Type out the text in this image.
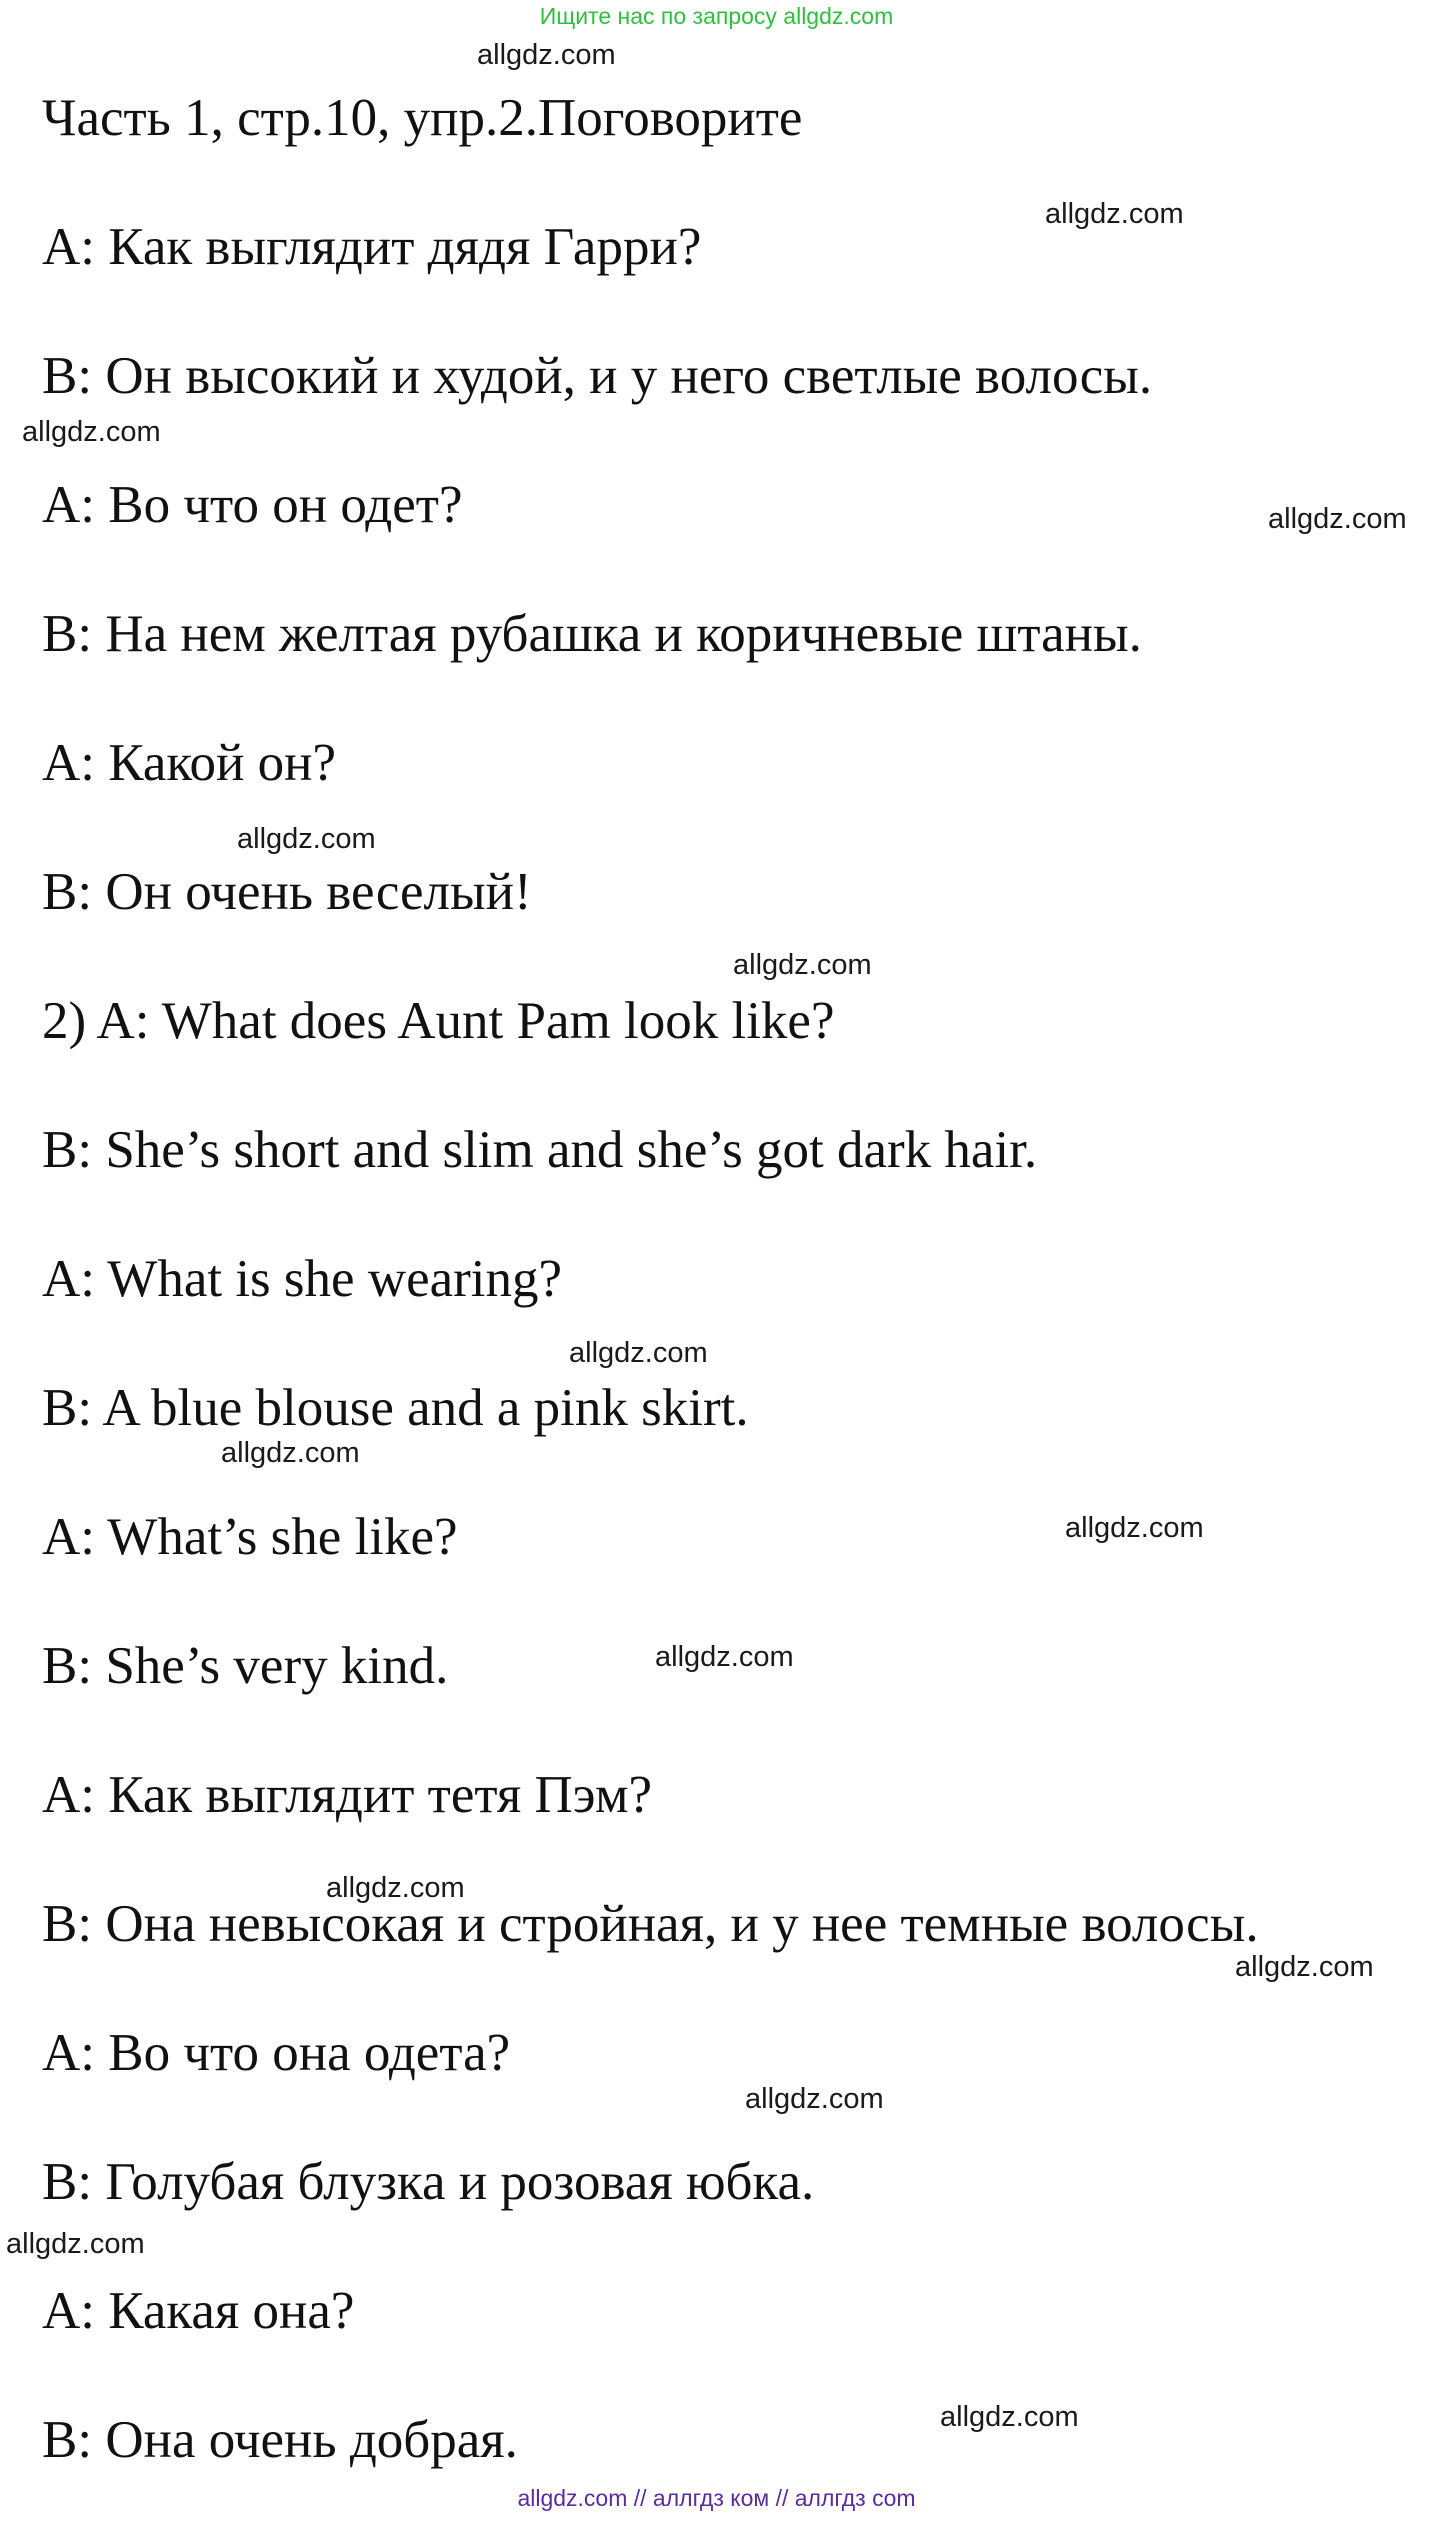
Ищите нас по запросу allgdz.com
allgdz.com
allgdz.com
allgdz.com
allgdz.com
allgdz.com
allgdz.com
allgdz.com
allgdz.com
allgdz.com
allgdz.com
allgdz.com
allgdz.com
allgdz.com
allgdz.com
allgdz.com
Часть 1, стр.10, упр.2.Поговорите
A: Как выглядит дядя Гарри?
B: Он высокий и худой, и у него светлые волосы.
A: Во что он одет?
B: На нем желтая рубашка и коричневые штаны.
A: Какой он?
B: Он очень веселый!
2) A: What does Aunt Pam look like?
B: She’s short and slim and she’s got dark hair.
A: What is she wearing?
B: A blue blouse and a pink skirt.
A: What’s she like?
B: She’s very kind.
A: Как выглядит тетя Пэм?
B: Она невысокая и стройная, и у нее темные волосы.
A: Во что она одета?
B: Голубая блузка и розовая юбка.
A: Какая она?
B: Она очень добрая.
allgdz.com // аллгдз ком // аллгдз com
